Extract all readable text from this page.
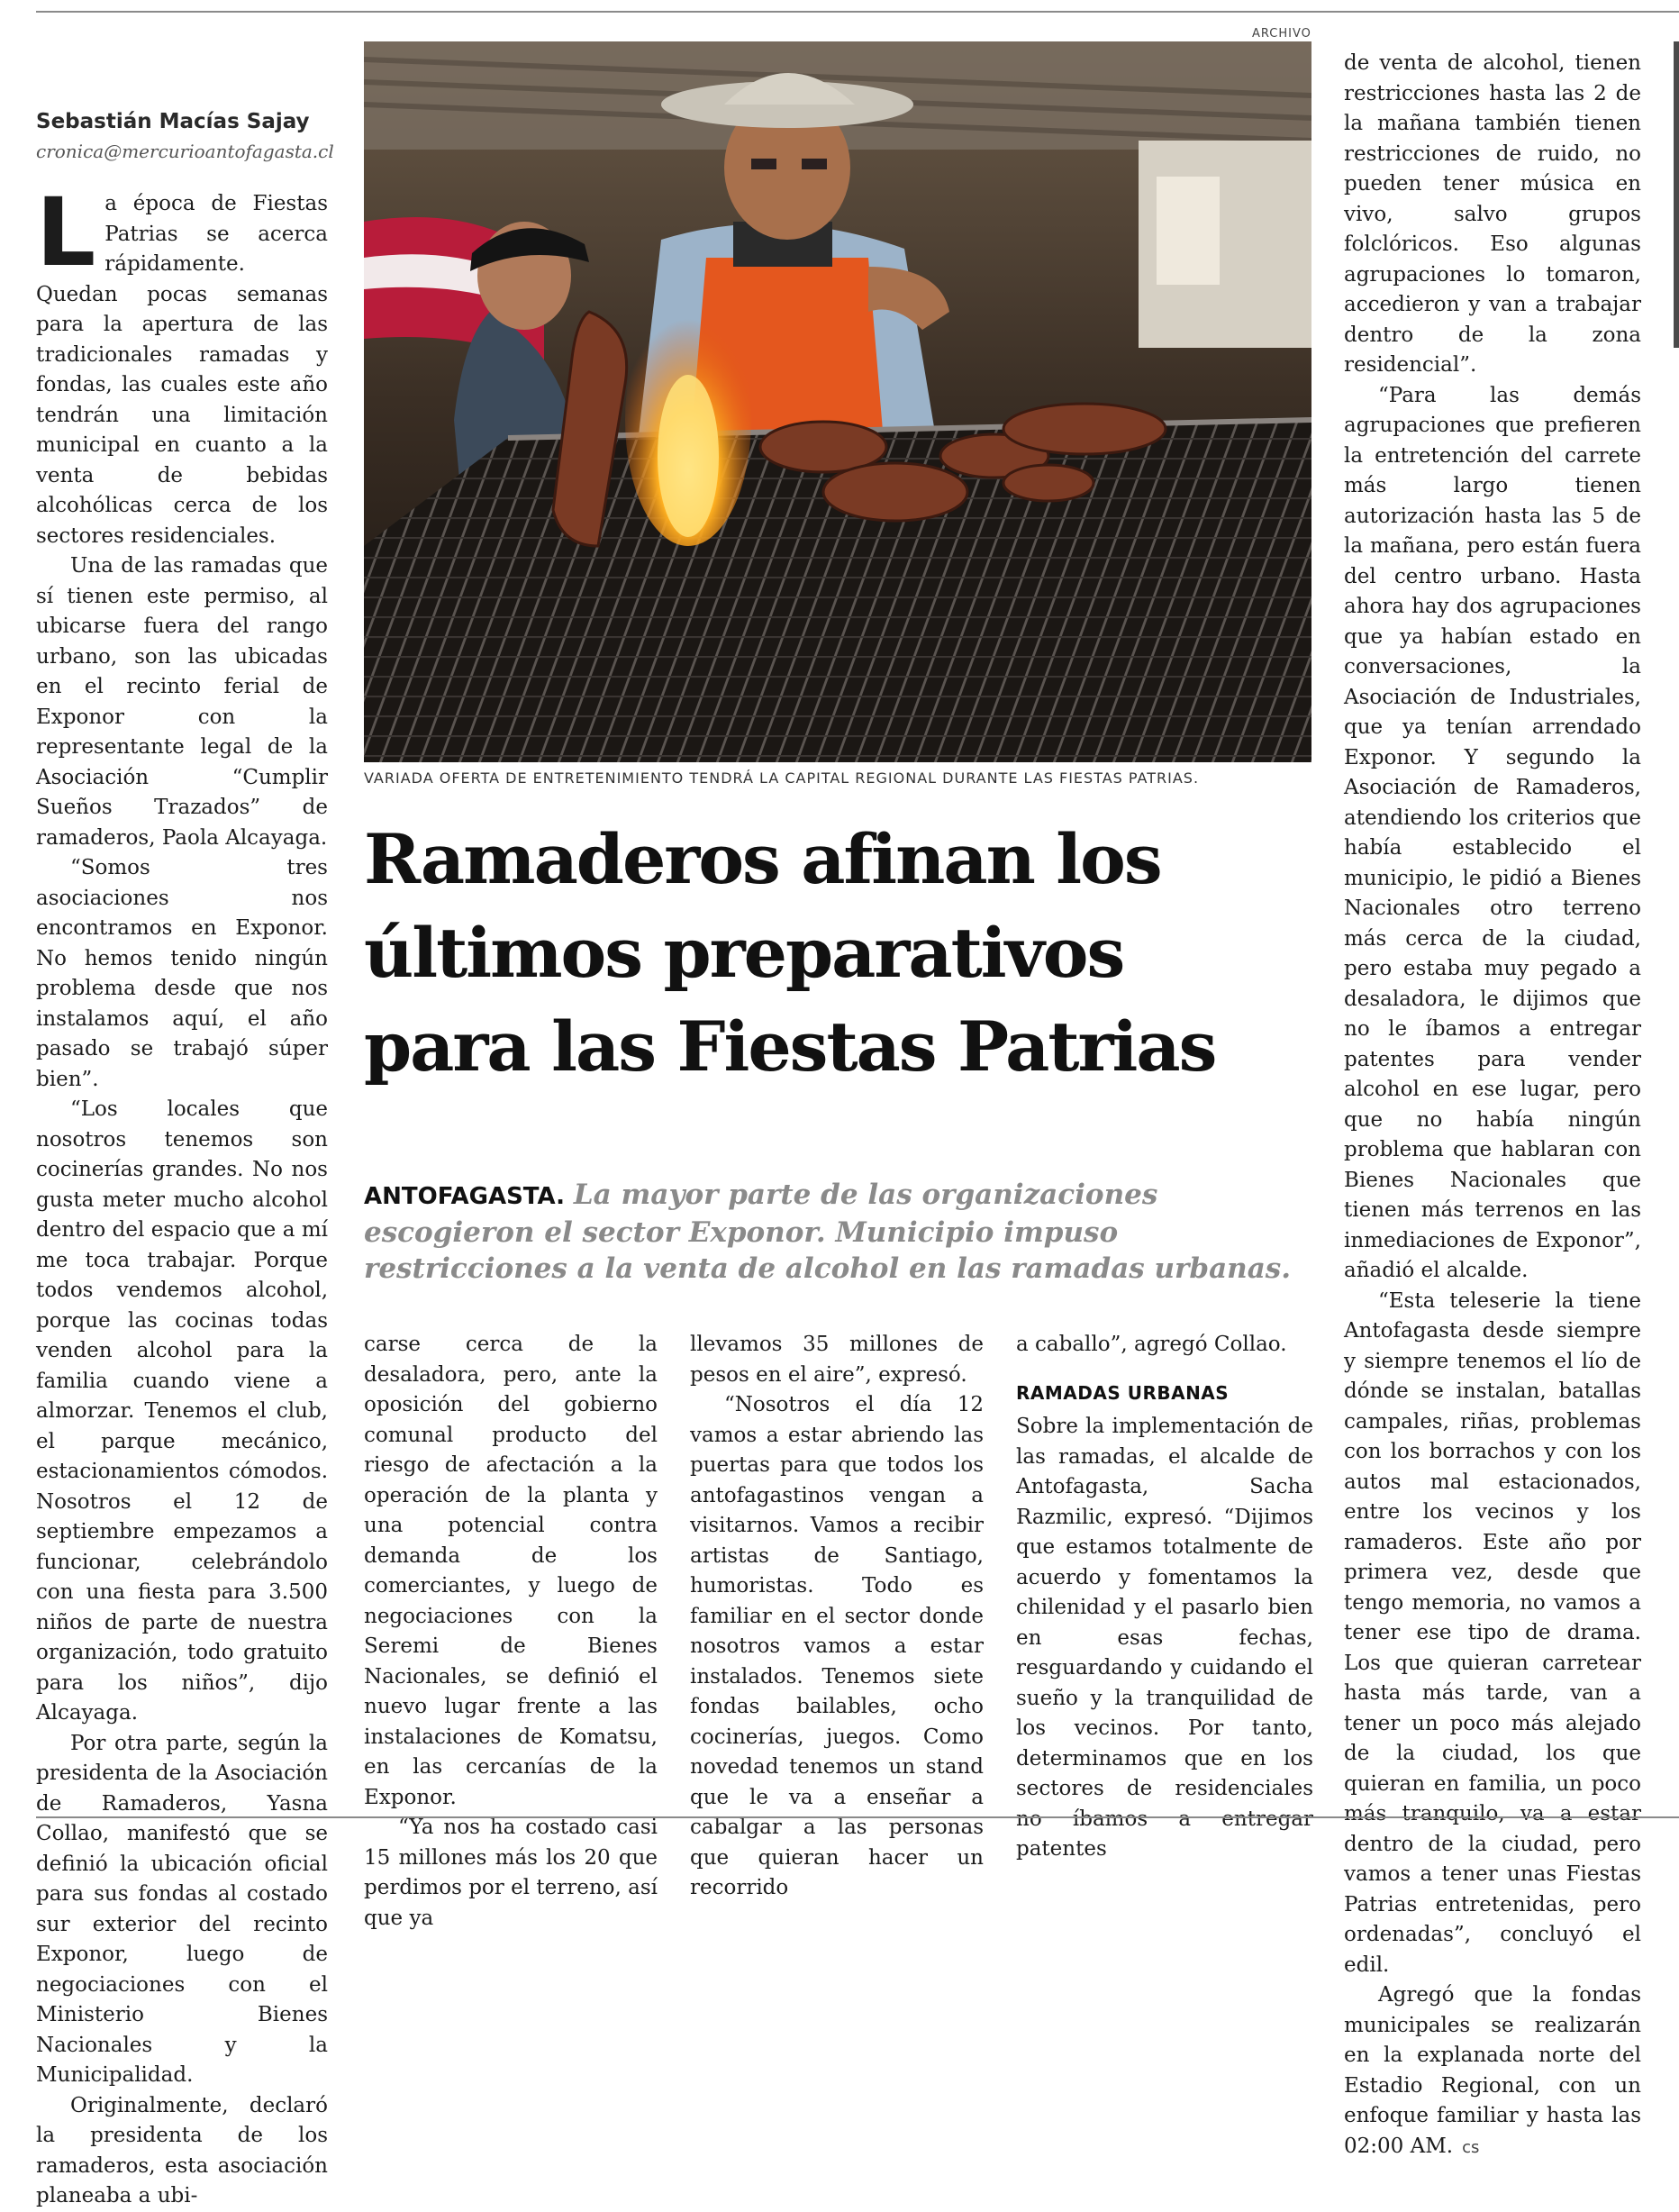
Sebastián Macías Sajay
cronica@mercurioantofagasta.cl

La época de Fiestas Patrias se acerca rápidamente. Quedan pocas semanas para la apertura de las tradicionales ramadas y fondas, las cuales este año tendrán una limitación municipal en cuanto a la venta de bebidas alcohólicas cerca de los sectores residenciales.

Una de las ramadas que sí tienen este permiso, al ubicarse fuera del rango urbano, son las ubicadas en el recinto ferial de Exponor con la representante legal de la Asociación “Cumplir Sueños Trazados” de ramaderos, Paola Alcayaga.

“Somos tres asociaciones nos encontramos en Exponor. No hemos tenido ningún problema desde que nos instalamos aquí, el año pasado se trabajó súper bien”.

“Los locales que nosotros tenemos son cocinerías grandes. No nos gusta meter mucho alcohol dentro del espacio que a mí me toca trabajar. Porque todos vendemos alcohol, porque las cocinas todas venden alcohol para la familia cuando viene a almorzar. Tenemos el club, el parque mecánico, estacionamientos cómodos. Nosotros el 12 de septiembre empezamos a funcionar, celebrándolo con una fiesta para 3.500 niños de parte de nuestra organización, todo gratuito para los niños”, dijo Alcayaga.

Por otra parte, según la presidenta de la Asociación de Ramaderos, Yasna Collao, manifestó que se definió la ubicación oficial para sus fondas al costado sur exterior del recinto Exponor, luego de negociaciones con el Ministerio Bienes Nacionales y la Municipalidad.

Originalmente, declaró la presidenta de los ramaderos, esta asociación planeaba a ubi-

ARCHIVO
VARIADA OFERTA DE ENTRETENIMIENTO TENDRÁ LA CAPITAL REGIONAL DURANTE LAS FIESTAS PATRIAS.
Ramaderos afinan los
últimos preparativos
para las Fiestas Patrias

ANTOFAGASTA. La mayor parte de las organizaciones escogieron el sector Exponor. Municipio impuso restricciones a la venta de alcohol en las ramadas urbanas.

carse cerca de la desaladora, pero, ante la oposición del gobierno comunal producto del riesgo de afectación a la operación de la planta y una potencial contra demanda de los comerciantes, y luego de negociaciones con la Seremi de Bienes Nacionales, se definió el nuevo lugar frente a las instalaciones de Komatsu, en las cercanías de la Exponor.

“Ya nos ha costado casi 15 millones más los 20 que perdimos por el terreno, así que ya

llevamos 35 millones de pesos en el aire”, expresó.

“Nosotros el día 12 vamos a estar abriendo las puertas para que todos los antofagastinos vengan a visitarnos. Vamos a recibir artistas de Santiago, humoristas. Todo es familiar en el sector donde nosotros vamos a estar instalados. Tenemos siete fondas bailables, ocho cocinerías, juegos. Como novedad tenemos un stand que le va a enseñar a cabalgar a las personas que quieran hacer un recorrido

a caballo”, agregó Collao.

RAMADAS URBANAS

Sobre la implementación de las ramadas, el alcalde de Antofagasta, Sacha Razmilic, expresó. “Dijimos que estamos totalmente de acuerdo y fomentamos la chilenidad y el pasarlo bien en esas fechas, resguardando y cuidando el sueño y la tranquilidad de los vecinos. Por tanto, determinamos que en los sectores de residenciales no íbamos a entregar patentes

de venta de alcohol, tienen restricciones hasta las 2 de la mañana también tienen restricciones de ruido, no pueden tener música en vivo, salvo grupos folclóricos. Eso algunas agrupaciones lo tomaron, accedieron y van a trabajar dentro de la zona residencial”.

“Para las demás agrupaciones que prefieren la entretención del carrete más largo tienen autorización hasta las 5 de la mañana, pero están fuera del centro urbano. Hasta ahora hay dos agrupaciones que ya habían estado en conversaciones, la Asociación de Industriales, que ya tenían arrendado Exponor. Y segundo la Asociación de Ramaderos, atendiendo los criterios que había establecido el municipio, le pidió a Bienes Nacionales otro terreno más cerca de la ciudad, pero estaba muy pegado a desaladora, le dijimos que no le íbamos a entregar patentes para vender alcohol en ese lugar, pero que no había ningún problema que hablaran con Bienes Nacionales que tienen más terrenos en las inmediaciones de Exponor”, añadió el alcalde.

“Esta teleserie la tiene Antofagasta desde siempre y siempre tenemos el lío de dónde se instalan, batallas campales, riñas, problemas con los borrachos y con los autos mal estacionados, entre los vecinos y los ramaderos. Este año por primera vez, desde que tengo memoria, no vamos a tener ese tipo de drama. Los que quieran carretear hasta más tarde, van a tener un poco más alejado de la ciudad, los que quieran en familia, un poco más tranquilo, va a estar dentro de la ciudad, pero vamos a tener unas Fiestas Patrias entretenidas, pero ordenadas”, concluyó el edil.

Agregó que la fondas municipales se realizarán en la explanada norte del Estadio Regional, con un enfoque familiar y hasta las 02:00 AM. cs
